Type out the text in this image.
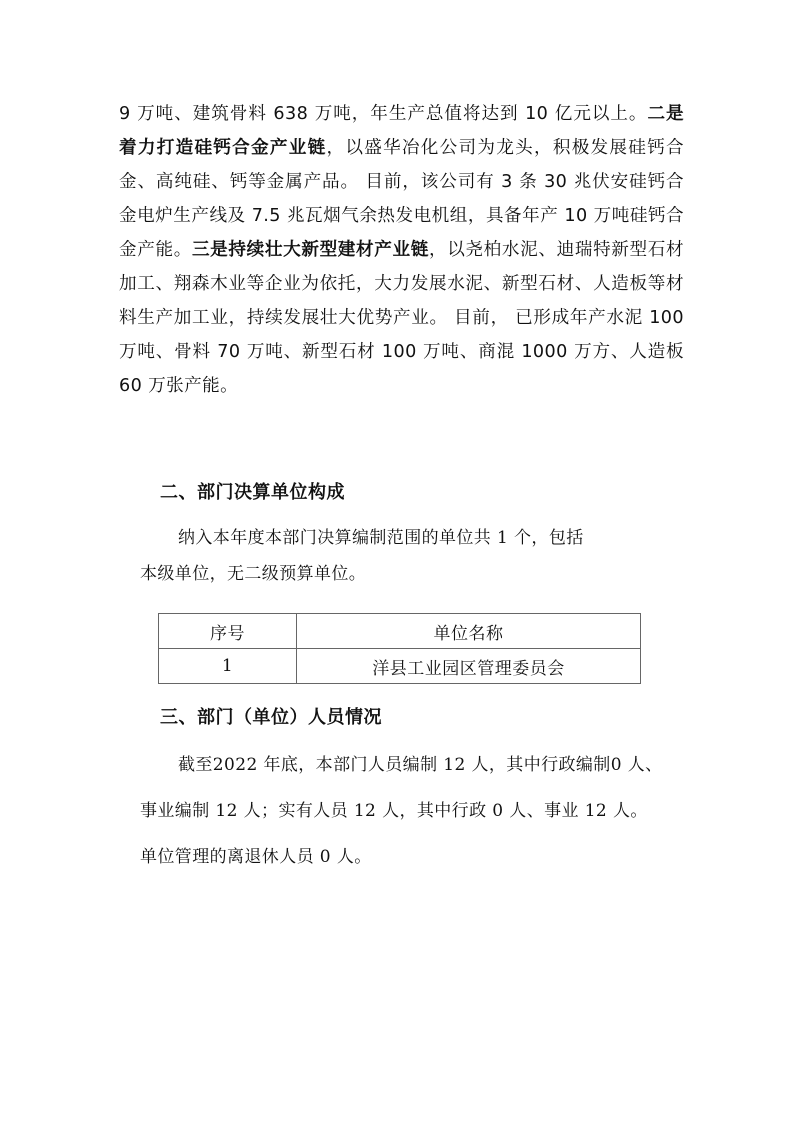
9 万吨、建筑骨料 638 万吨，年生产总值将达到 10 亿元以上。二是着力打造硅钙合金产业链，以盛华冶化公司为龙头，积极发展硅钙合金、高纯硅、钙等金属产品。 目前，该公司有 3 条 30 兆伏安硅钙合金电炉生产线及 7.5 兆瓦烟气余热发电机组，具备年产 10 万吨硅钙合金产能。三是持续壮大新型建材产业链，以尧柏水泥、迪瑞特新型石材加工、翔森木业等企业为依托，大力发展水泥、新型石材、人造板等材料生产加工业，持续发展壮大优势产业。 目前， 已形成年产水泥 100 万吨、骨料 70 万吨、新型石材 100 万吨、商混 1000 万方、人造板 60 万张产能。
二、部门决算单位构成
纳入本年度本部门决算编制范围的单位共 1 个，包括
本级单位，无二级预算单位。
序号	单位名称
1	洋县工业园区管理委员会
三、部门（单位）人员情况
截至2022 年底，本部门人员编制 12 人，其中行政编制0 人、
事业编制 12 人；实有人员 12 人，其中行政 0 人、事业 12 人。
单位管理的离退休人员 0 人。
